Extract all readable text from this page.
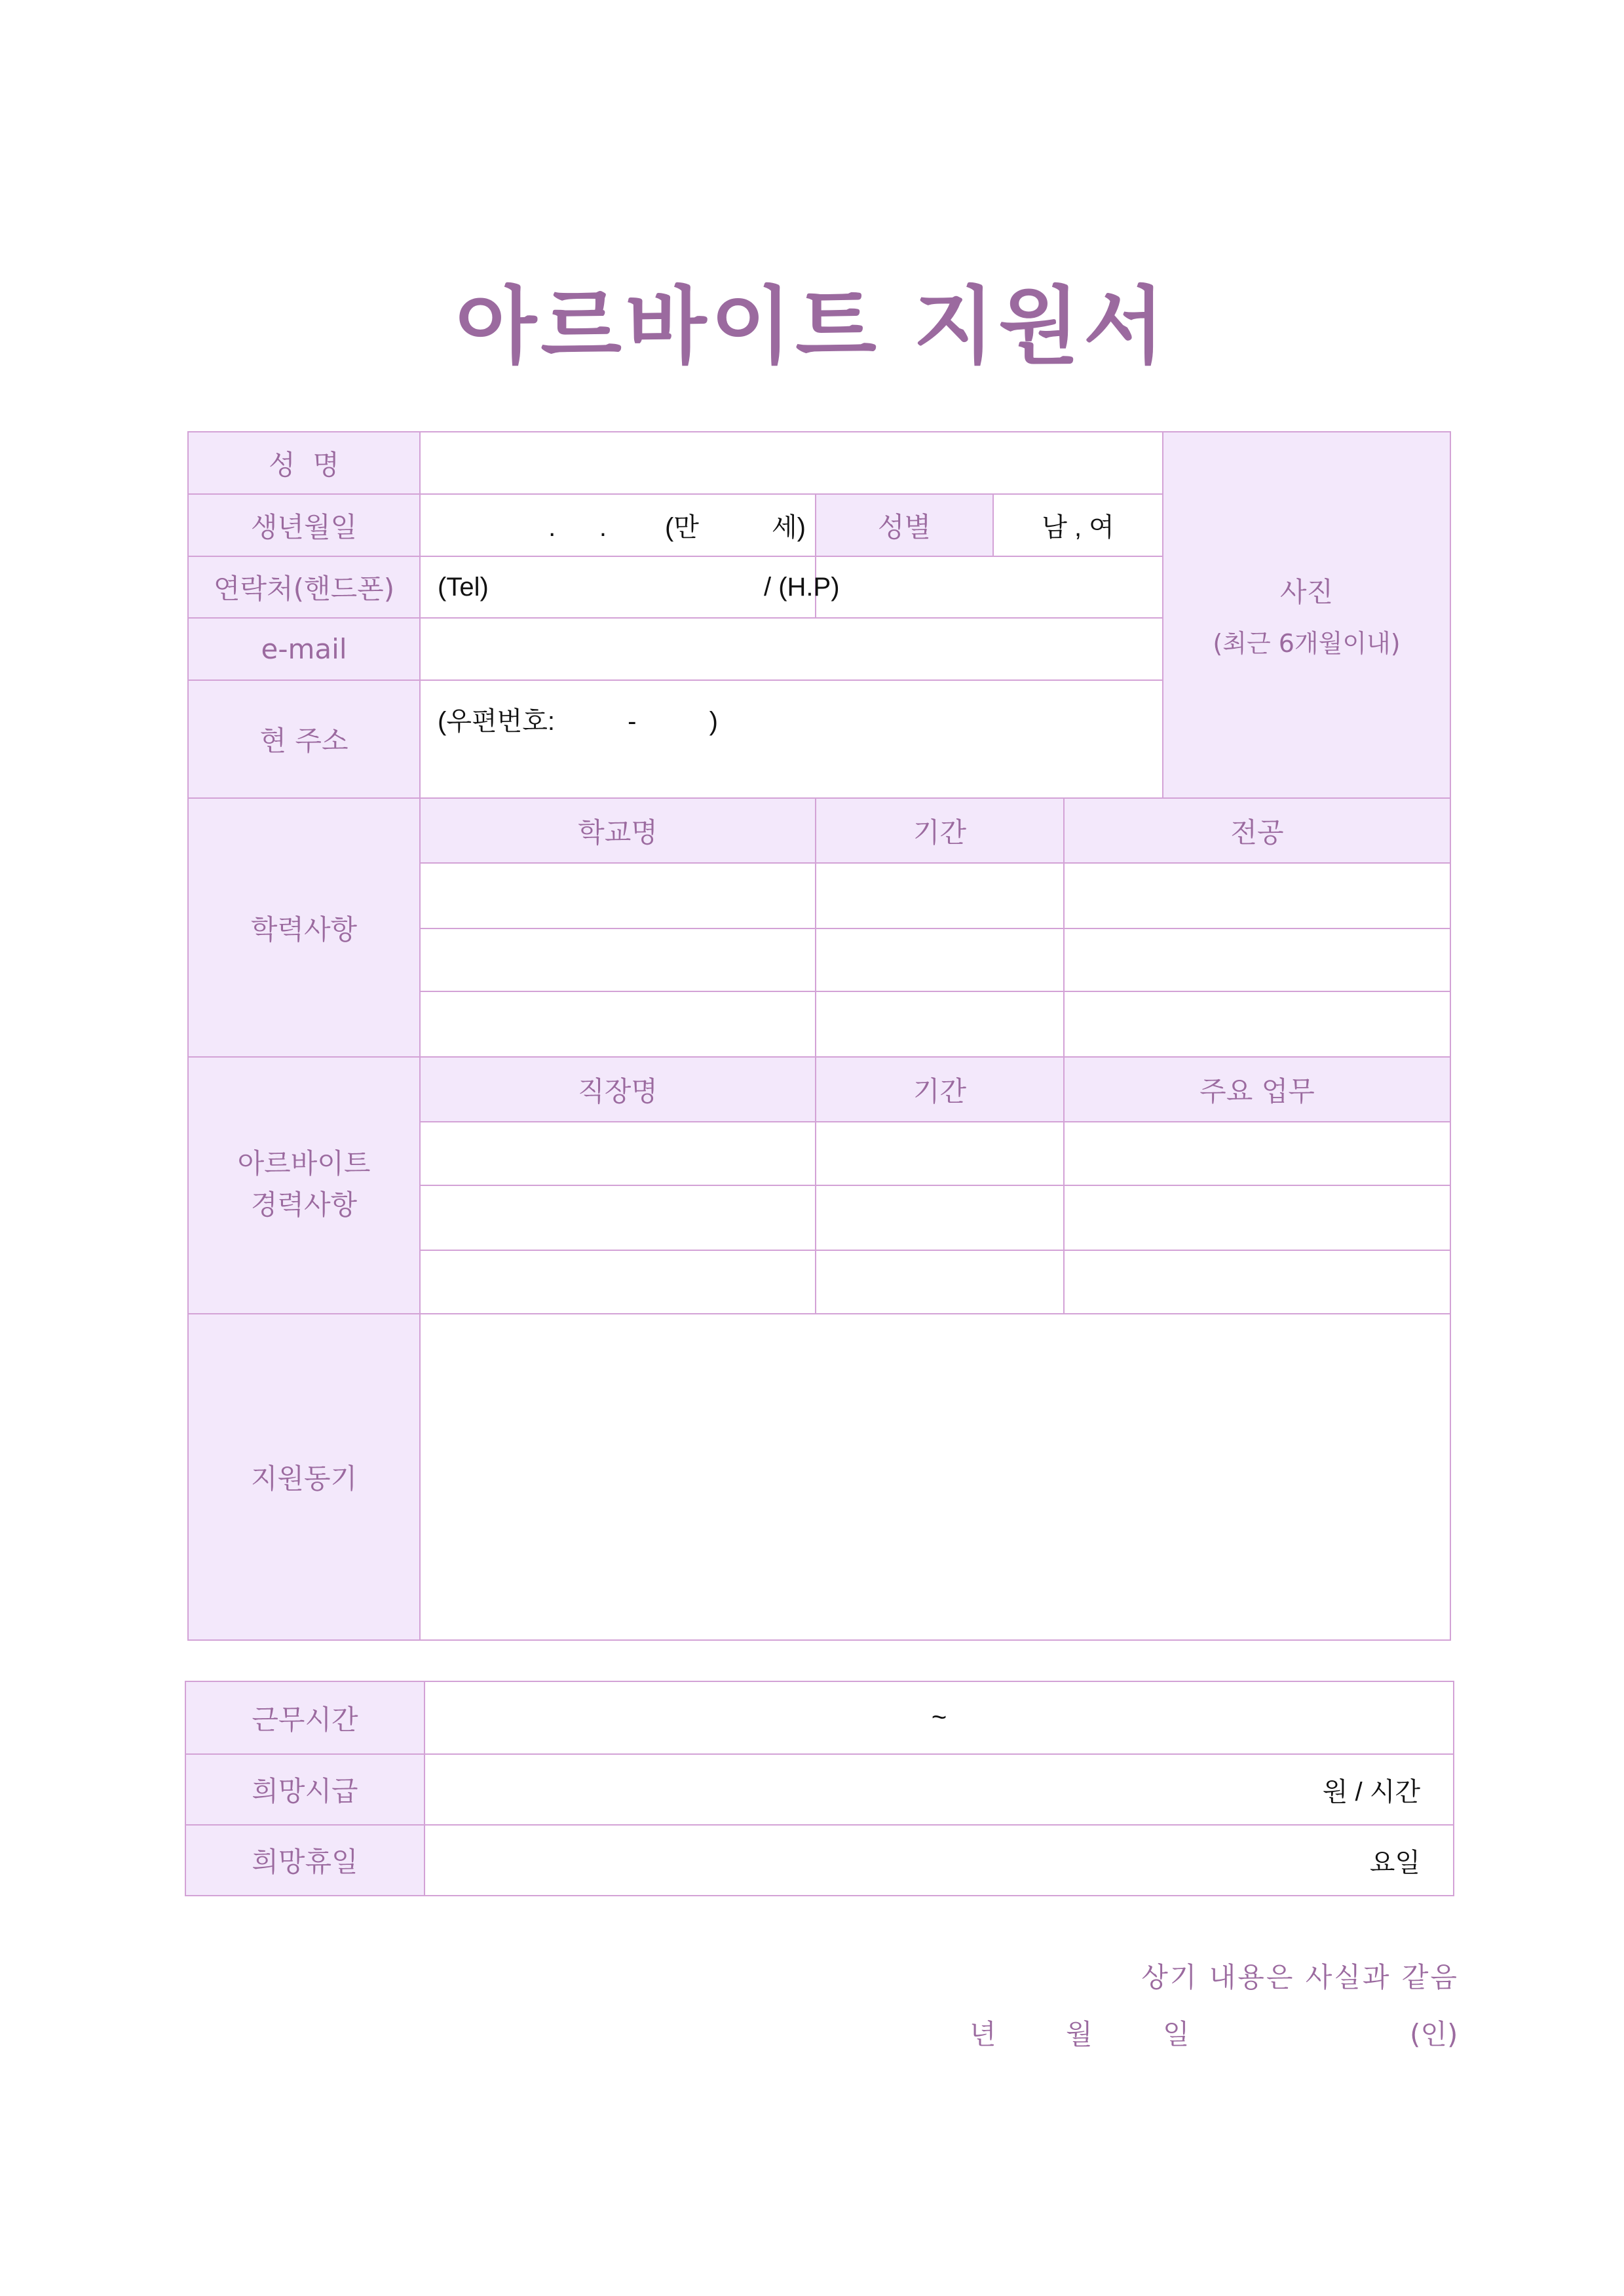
아르바이트 지원서
성  명					사진
(최근 6개월이내)

생년월일	.      .        (만          세)	성별	남 , 여		
연락처(핸드폰)	(Tel)	/ (H.P)			
e-mail					
현 주소	(우편번호:          -          )				
학력사항	학교명	기간		전공	

아르바이트
경력사항	직장명	기간		주요 업무	

지원동기					
근무시간	~
희망시급	원 / 시간
희망휴일	요일
상기 내용은 사실과 같음
년	월	일	(인)
